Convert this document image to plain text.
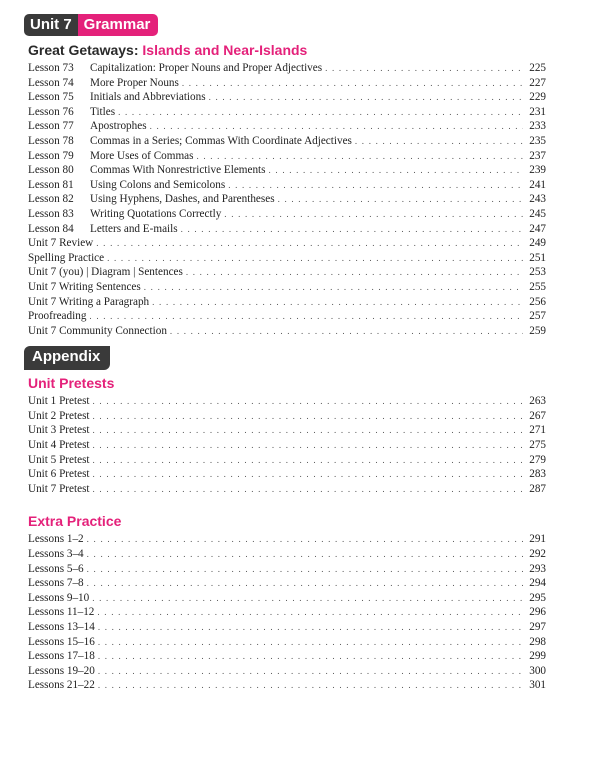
Unit 7 Grammar
Great Getaways: Islands and Near-Islands
Lesson 73	Capitalization: Proper Nouns and Proper Adjectives . . .	225
Lesson 74	More Proper Nouns . . .	227
Lesson 75	Initials and Abbreviations . . .	229
Lesson 76	Titles . . .	231
Lesson 77	Apostrophes . . .	233
Lesson 78	Commas in a Series; Commas With Coordinate Adjectives . . .	235
Lesson 79	More Uses of Commas . . .	237
Lesson 80	Commas With Nonrestrictive Elements . . .	239
Lesson 81	Using Colons and Semicolons . . .	241
Lesson 82	Using Hyphens, Dashes, and Parentheses . . .	243
Lesson 83	Writing Quotations Correctly . . .	245
Lesson 84	Letters and E-mails . . .	247
Unit 7 Review . . .	249
Spelling Practice . . .	251
Unit 7 (you) | Diagram | Sentences . . .	253
Unit 7 Writing Sentences . . .	255
Unit 7 Writing a Paragraph . . .	256
Proofreading . . .	257
Unit 7 Community Connection . . .	259
Appendix
Unit Pretests
Unit 1 Pretest . . .	263
Unit 2 Pretest . . .	267
Unit 3 Pretest . . .	271
Unit 4 Pretest . . .	275
Unit 5 Pretest . . .	279
Unit 6 Pretest . . .	283
Unit 7 Pretest . . .	287
Extra Practice
Lessons 1–2 . . .	291
Lessons 3–4 . . .	292
Lessons 5–6 . . .	293
Lessons 7–8 . . .	294
Lessons 9–10 . . .	295
Lessons 11–12 . . .	296
Lessons 13–14 . . .	297
Lessons 15–16 . . .	298
Lessons 17–18 . . .	299
Lessons 19–20 . . .	300
Lessons 21–22 . . .	301
